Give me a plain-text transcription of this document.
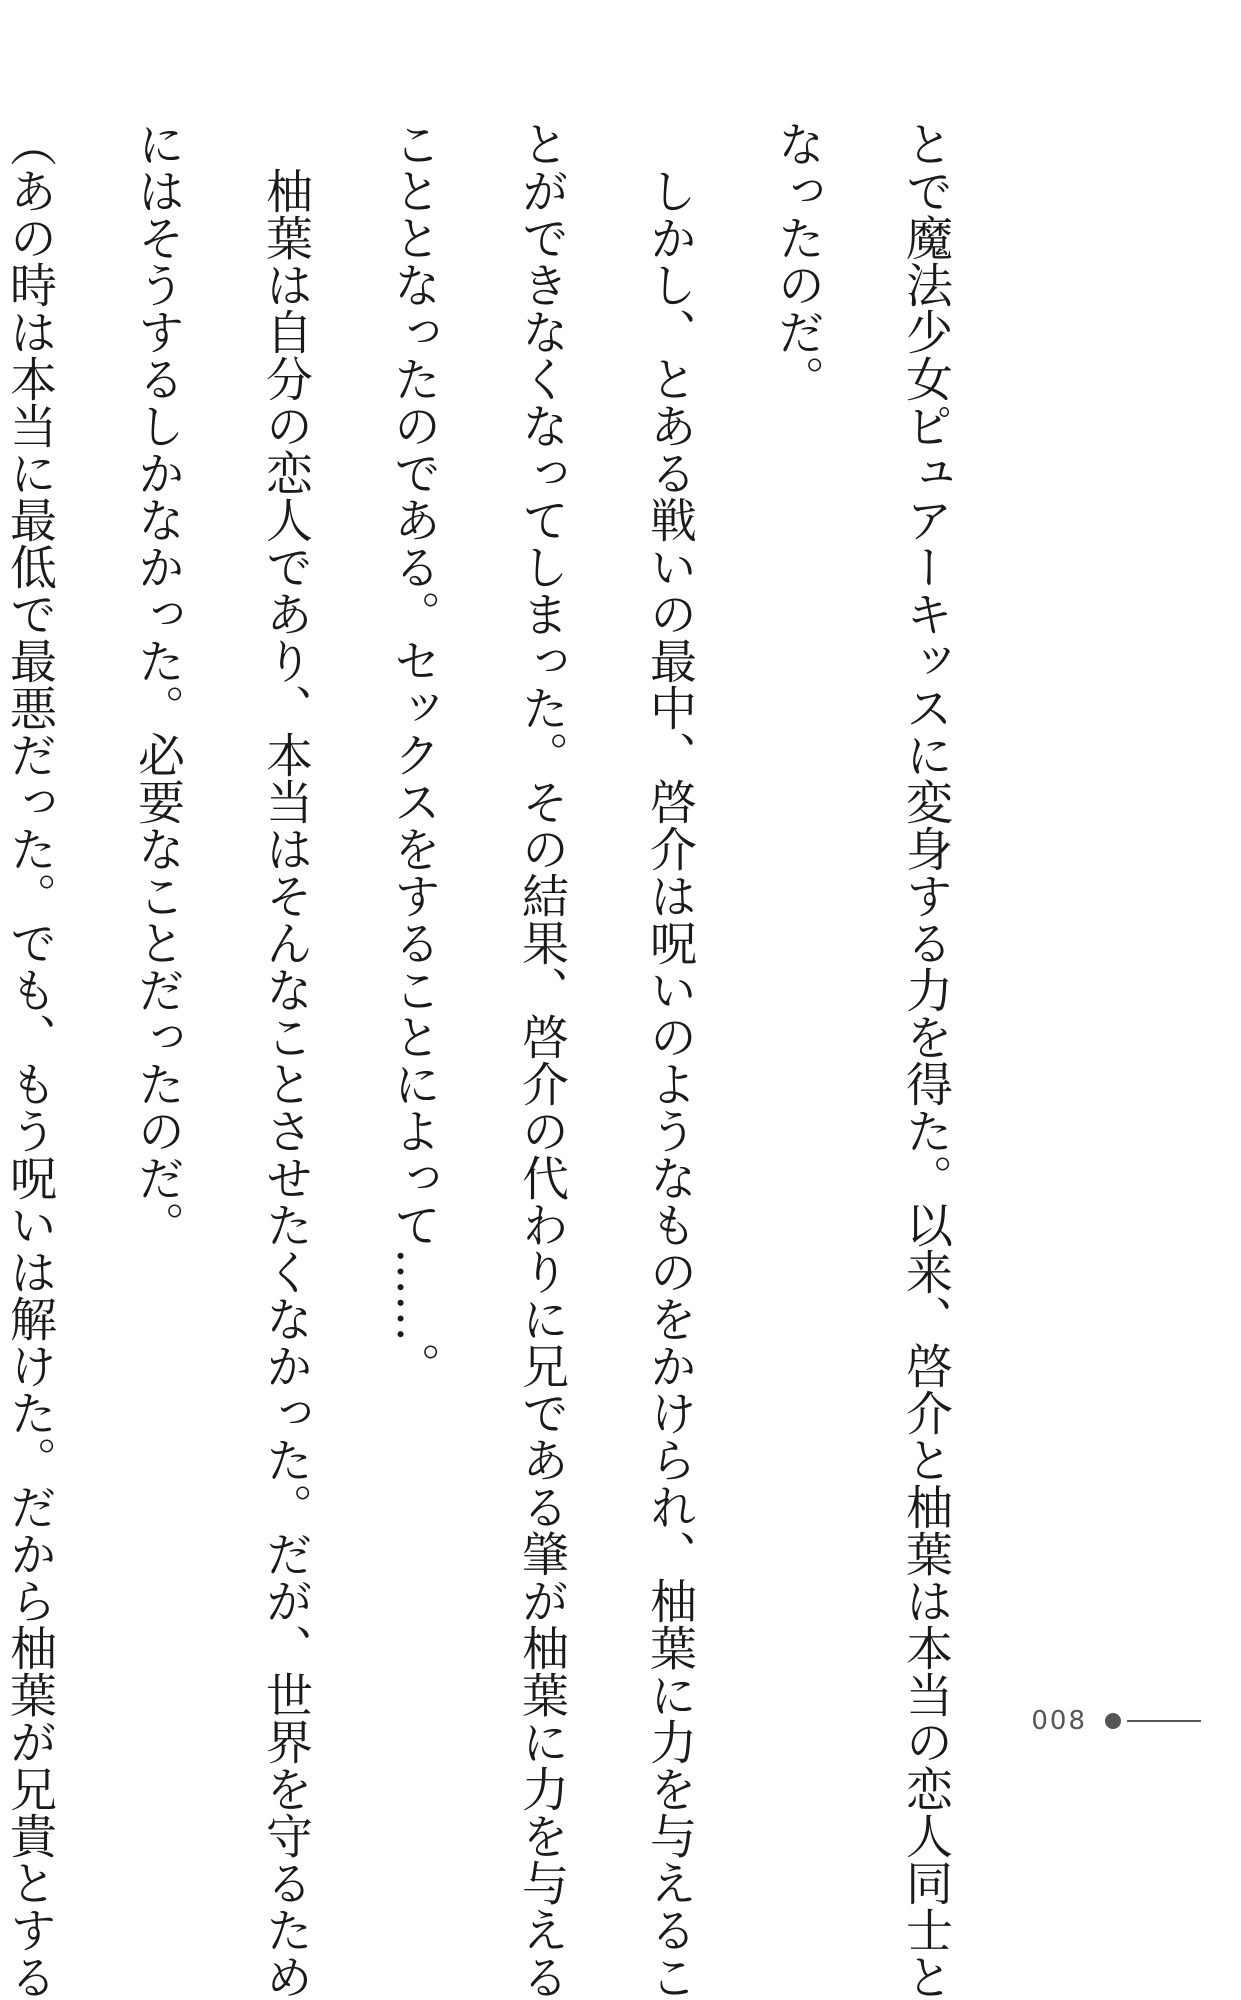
とで魔法少女ピュアーキッスに変身する力を得た。以来、啓介と柚葉は本当の恋人同士と

なったのだ。

　しかし、とある戦いの最中、啓介は呪いのようなものをかけられ、柚葉に力を与えるこ

とができなくなってしまった。その結果、啓介の代わりに兄である肇が柚葉に力を与える

こととなったのである。セックスをすることによって……。

　柚葉は自分の恋人であり、本当はそんなことさせたくなかった。だが、世界を守るため

にはそうするしかなかった。必要なことだったのだ。

（あの時は本当に最低で最悪だった。でも、もう呪いは解けた。だから柚葉が兄貴とする	008
